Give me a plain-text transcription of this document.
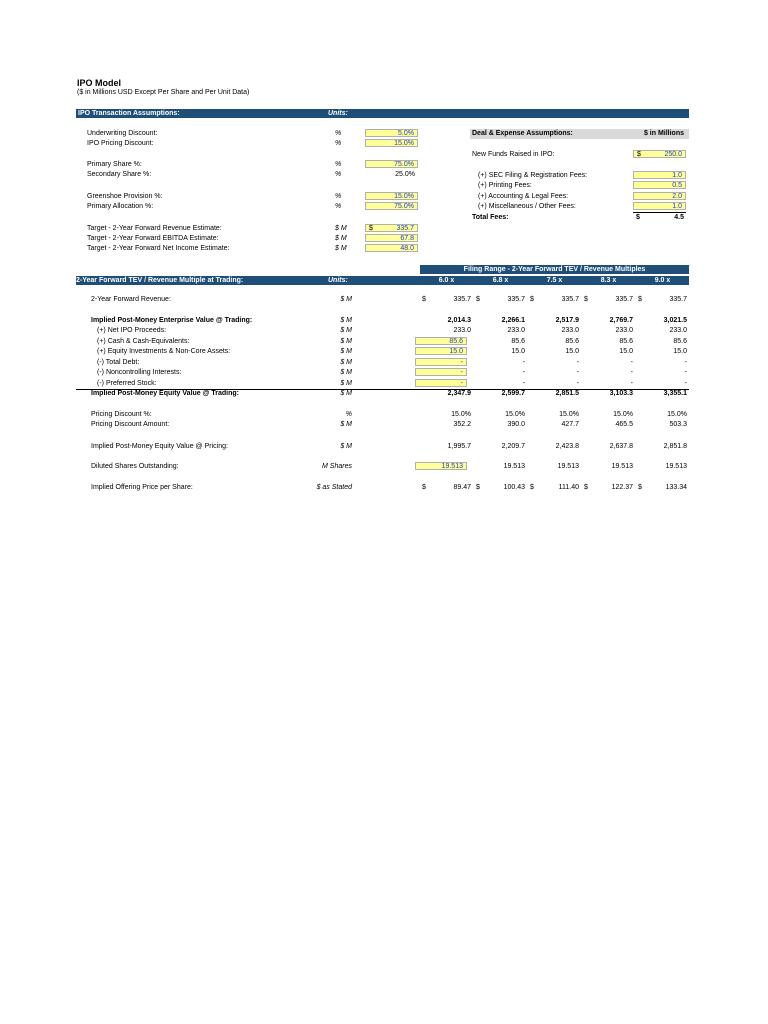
IPO Model
($ in Millions USD Except Per Share and Per Unit Data)
IPO Transaction Assumptions:	Units:
Underwriting Discount:	%	5.0%
IPO Pricing Discount:	%	15.0%
Primary Share %:	%	75.0%
Secondary Share %:	%	25.0%
Greenshoe Provision %:	%	15.0%
Primary Allocation %:	%	75.0%
Target - 2-Year Forward Revenue Estimate:	$ M	$	335.7
Target - 2-Year Forward EBITDA Estimate:	$ M	67.8
Target - 2-Year Forward Net Income Estimate:	$ M	48.0
Deal & Expense Assumptions:	$ in Millions
New Funds Raised in IPO:	$	250.0
(+) SEC Filing & Registration Fees:	1.0
(+) Printing Fees:	0.5
(+) Accounting & Legal Fees:	2.0
(+) Miscellaneous / Other Fees:	1.0
Total Fees:	$	4.5
Filing Range - 2-Year Forward TEV / Revenue Multiples
2-Year Forward TEV / Revenue Multiple at Trading:	Units:	6.0 x	6.8 x	7.5 x	8.3 x	9.0 x
2-Year Forward Revenue:	$ M	$	335.7 $	335.7 $	335.7 $	335.7 $	335.7
Implied Post-Money Enterprise Value @ Trading:	$ M	2,014.3	2,266.1	2,517.9	2,769.7	3,021.5
(+) Net IPO Proceeds:	$ M	233.0	233.0	233.0	233.0	233.0
(+) Cash & Cash-Equivalents:	$ M	85.6	85.6	85.6	85.6	85.6
(+) Equity Investments & Non-Core Assets:	$ M	15.0	15.0	15.0	15.0	15.0
(-) Total Debt:	$ M	-	-	-	-	-
(-) Noncontrolling Interests:	$ M	-	-	-	-	-
(-) Preferred Stock:	$ M	-	-	-	-	-
Implied Post-Money Equity Value @ Trading:	$ M	2,347.9	2,599.7	2,851.5	3,103.3	3,355.1
Pricing Discount %:	%	15.0%	15.0%	15.0%	15.0%	15.0%
Pricing Discount Amount:	$ M	352.2	390.0	427.7	465.5	503.3
Implied Post-Money Equity Value @ Pricing:	$ M	1,995.7	2,209.7	2,423.8	2,637.8	2,851.8
Diluted Shares Outstanding:	M Shares	19.513	19.513	19.513	19.513	19.513
Implied Offering Price per Share:	$ as Stated	$	89.47 $	100.43 $	111.40 $	122.37 $	133.34
